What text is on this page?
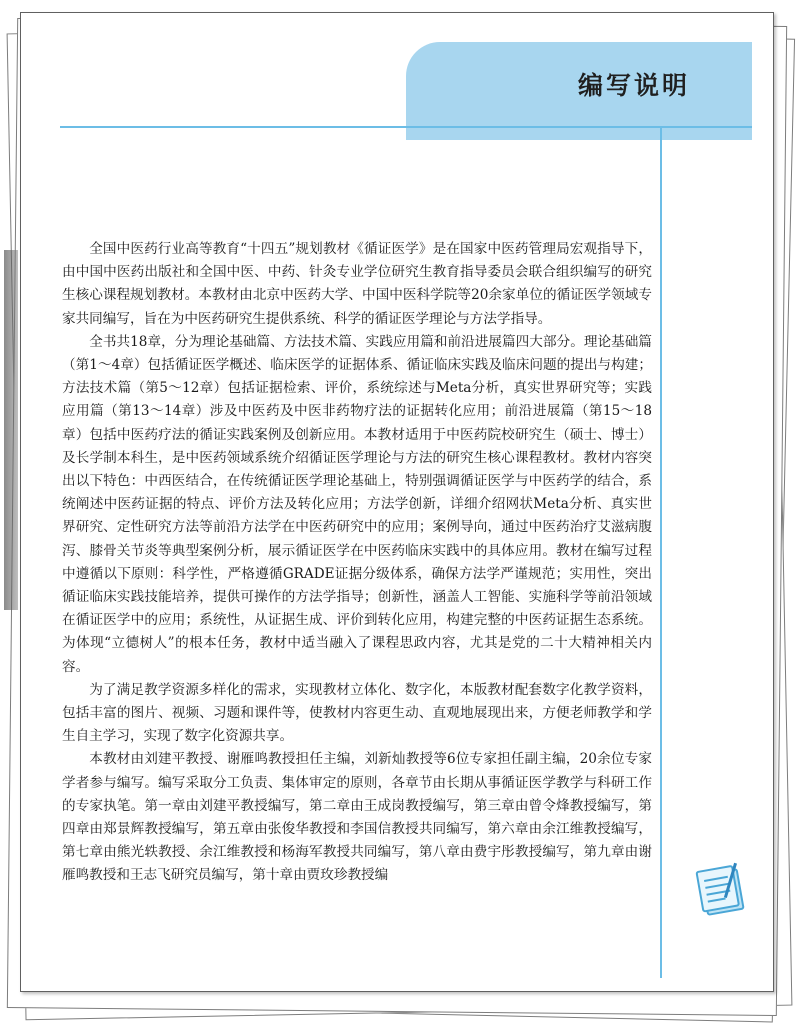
编写说明

全国中医药行业高等教育“十四五”规划教材《循证医学》是在国家中医药管理局宏观指导下，由中国中医药出版社和全国中医、中药、针灸专业学位研究生教育指导委员会联合组织编写的研究生核心课程规划教材。本教材由北京中医药大学、中国中医科学院等20余家单位的循证医学领域专家共同编写，旨在为中医药研究生提供系统、科学的循证医学理论与方法学指导。

全书共18章，分为理论基础篇、方法技术篇、实践应用篇和前沿进展篇四大部分。理论基础篇（第1～4章）包括循证医学概述、临床医学的证据体系、循证临床实践及临床问题的提出与构建；方法技术篇（第5～12章）包括证据检索、评价，系统综述与Meta分析，真实世界研究等；实践应用篇（第13～14章）涉及中医药及中医非药物疗法的证据转化应用；前沿进展篇（第15～18章）包括中医药疗法的循证实践案例及创新应用。本教材适用于中医药院校研究生（硕士、博士）及长学制本科生，是中医药领域系统介绍循证医学理论与方法的研究生核心课程教材。教材内容突出以下特色：中西医结合，在传统循证医学理论基础上，特别强调循证医学与中医药学的结合，系统阐述中医药证据的特点、评价方法及转化应用；方法学创新，详细介绍网状Meta分析、真实世界研究、定性研究方法等前沿方法学在中医药研究中的应用；案例导向，通过中医药治疗艾滋病腹泻、膝骨关节炎等典型案例分析，展示循证医学在中医药临床实践中的具体应用。教材在编写过程中遵循以下原则：科学性，严格遵循GRADE证据分级体系，确保方法学严谨规范；实用性，突出循证临床实践技能培养，提供可操作的方法学指导；创新性，涵盖人工智能、实施科学等前沿领域在循证医学中的应用；系统性，从证据生成、评价到转化应用，构建完整的中医药证据生态系统。为体现“立德树人”的根本任务，教材中适当融入了课程思政内容，尤其是党的二十大精神相关内容。

为了满足教学资源多样化的需求，实现教材立体化、数字化，本版教材配套数字化教学资料，包括丰富的图片、视频、习题和课件等，使教材内容更生动、直观地展现出来，方便老师教学和学生自主学习，实现了数字化资源共享。

本教材由刘建平教授、谢雁鸣教授担任主编，刘新灿教授等6位专家担任副主编，20余位专家学者参与编写。编写采取分工负责、集体审定的原则，各章节由长期从事循证医学教学与科研工作的专家执笔。第一章由刘建平教授编写，第二章由王成岗教授编写，第三章由曾令烽教授编写，第四章由郑景辉教授编写，第五章由张俊华教授和李国信教授共同编写，第六章由余江维教授编写，第七章由熊光轶教授、余江维教授和杨海军教授共同编写，第八章由费宇彤教授编写，第九章由谢雁鸣教授和王志飞研究员编写，第十章由贾玫珍教授编
